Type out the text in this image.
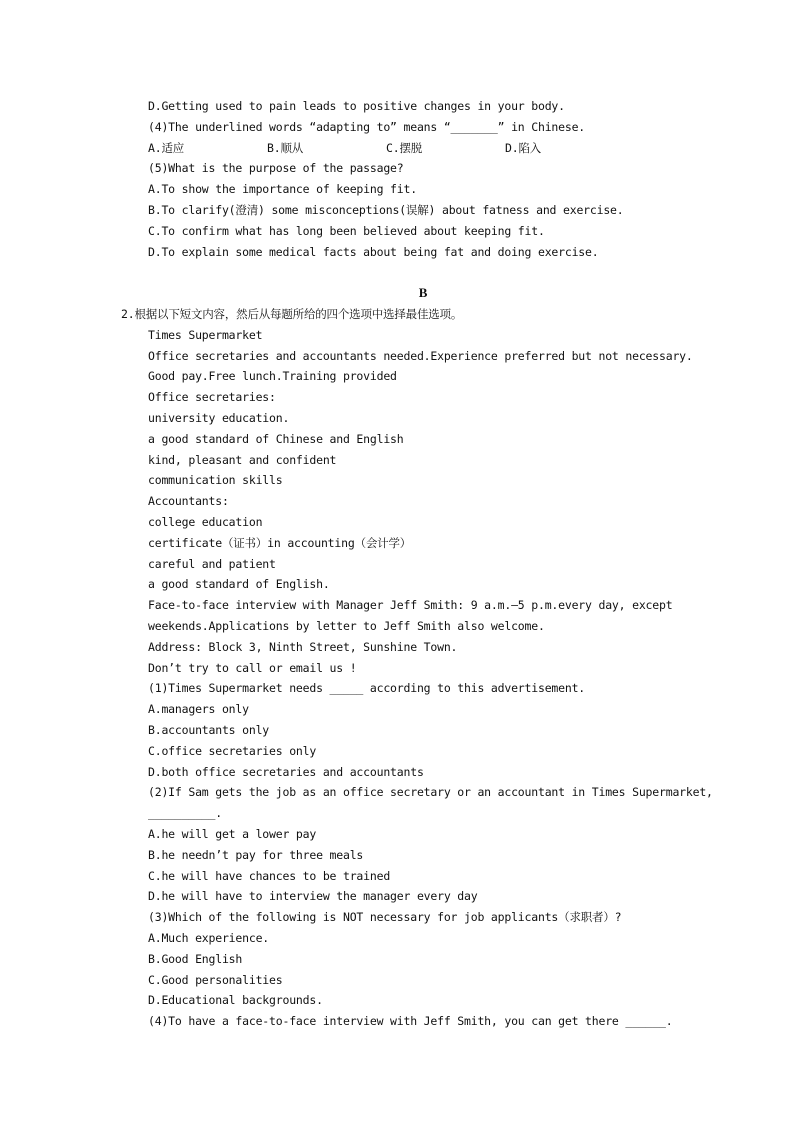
D.Getting used to pain leads to positive changes in your body.
(4)The underlined words “adapting to” means “_______” in Chinese.
A.适应	B.顺从	C.摆脱	D.陷入
(5)What is the purpose of the passage?
A.To show the importance of keeping fit.
B.To clarify(澄清) some misconceptions(误解) about fatness and exercise.
C.To confirm what has long been believed about keeping fit.
D.To explain some medical facts about being fat and doing exercise.
B
2.根据以下短文内容，然后从每题所给的四个选项中选择最佳选项。
Times Supermarket
Office secretaries and accountants needed.Experience preferred but not necessary.
Good pay.Free lunch.Training provided
Office secretaries:
university education.
a good standard of Chinese and English
kind, pleasant and confident
communication skills
Accountants:
college education
certificate（证书）in accounting（会计学）
careful and patient
a good standard of English.
Face-to-face interview with Manager Jeff Smith: 9 a.m.–5 p.m.every day, except
weekends.Applications by letter to Jeff Smith also welcome.
Address: Block 3, Ninth Street, Sunshine Town.
Don’t try to call or email us !
(1)Times Supermarket needs _____ according to this advertisement.
A.managers only
B.accountants only
C.office secretaries only
D.both office secretaries and accountants
(2)If Sam gets the job as an office secretary or an accountant in Times Supermarket,
__________.
A.he will get a lower pay
B.he needn’t pay for three meals
C.he will have chances to be trained
D.he will have to interview the manager every day
(3)Which of the following is NOT necessary for job applicants（求职者）?
A.Much experience.
B.Good English
C.Good personalities
D.Educational backgrounds.
(4)To have a face-to-face interview with Jeff Smith, you can get there ______.
